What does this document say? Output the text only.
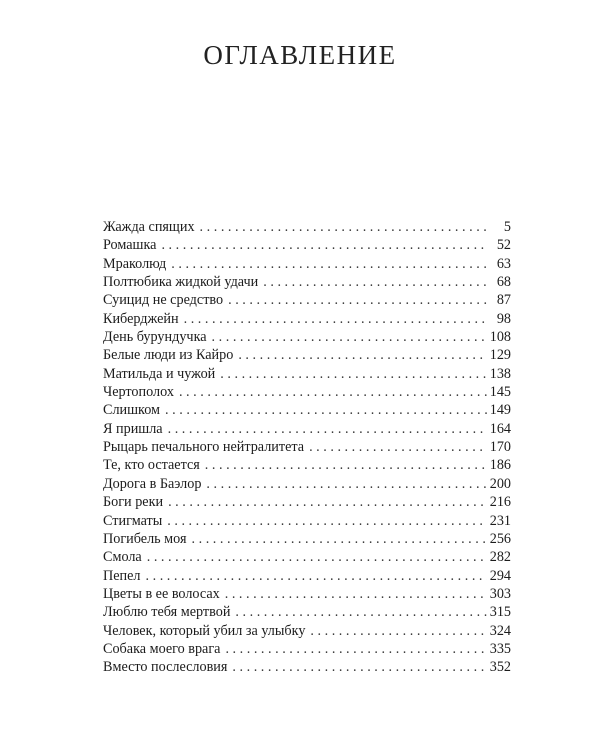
ОГЛАВЛЕНИЕ
Жажда спящих . . .	5
Ромашка . . .	52
Мраколюд . . .	63
Полтюбика жидкой удачи . . .	68
Суицид не средство . . .	87
Киберджейн . . .	98
День бурундучка . . .	108
Белые люди из Кайро . . .	129
Матильда и чужой . . .	138
Чертополох . . .	145
Слишком . . .	149
Я пришла . . .	164
Рыцарь печального нейтралитета . . .	170
Те, кто остается . . .	186
Дорога в Баэлор . . .	200
Боги реки . . .	216
Стигматы . . .	231
Погибель моя . . .	256
Смола . . .	282
Пепел . . .	294
Цветы в ее волосах . . .	303
Люблю тебя мертвой . . .	315
Человек, который убил за улыбку . . .	324
Собака моего врага . . .	335
Вместо послесловия . . .	352
